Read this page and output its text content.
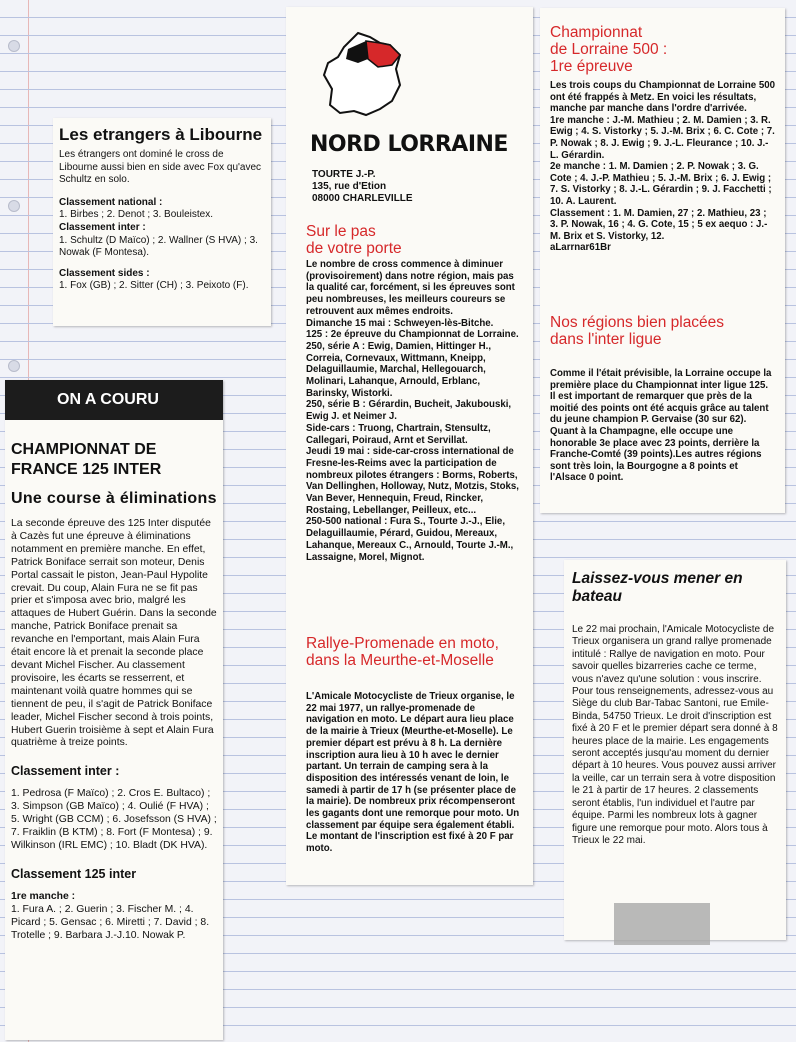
Les etrangers à Libourne

Les étrangers ont dominé le cross de Libourne aussi bien en side avec Fox qu'avec Schultz en solo.

Classement national :

1. Birbes ; 2. Denot ; 3. Bouleistex.

Classement inter :

1. Schultz (D Maïco) ; 2. Wallner (S HVA) ; 3. Nowak (F Montesa).

Classement sides :

1. Fox (GB) ; 2. Sitter (CH) ; 3. Peixoto (F).

ON A COURU

CHAMPIONNAT DE FRANCE 125 INTER

Une course à éliminations

La seconde épreuve des 125 Inter disputée à Cazès fut une épreuve à éliminations notamment en première manche. En effet, Patrick Boniface serrait son moteur, Denis Portal cassait le piston, Jean-Paul Hypolite crevait. Du coup, Alain Fura ne se fit pas prier et s'imposa avec brio, malgré les attaques de Hubert Guérin. Dans la seconde manche, Patrick Boniface prenait sa revanche en l'emportant, mais Alain Fura était encore là et prenait la seconde place devant Michel Fischer. Au classement provisoire, les écarts se resserrent, et maintenant voilà quatre hommes qui se tiennent de peu, il s'agit de Patrick Boniface leader, Michel Fischer second à trois points, Hubert Guerin troisième à sept et Alain Fura quatrième à treize points.

Classement inter :

1. Pedrosa (F Maïco) ; 2. Cros E. Bultaco) ; 3. Simpson (GB Maïco) ; 4. Oulié (F HVA) ; 5. Wright (GB CCM) ; 6. Josefsson (S HVA) ; 7. Fraiklin (B KTM) ; 8. Fort (F Montesa) ; 9. Wilkinson (IRL EMC) ; 10. Bladt (DK HVA).

Classement 125 inter

1re manche :

1. Fura A. ; 2. Guerin ; 3. Fischer M. ; 4. Picard ; 5. Gensac ; 6. Miretti ; 7. David ; 8. Trotelle ; 9. Barbara J.-J.10. Nowak P.

NORD LORRAINE

TOURTE J.-P.

135, rue d'Etion

08000 CHARLEVILLE

Sur le pas

de votre porte

Le nombre de cross commence à diminuer (provisoirement) dans notre région, mais pas la qualité car, forcément, si les épreuves sont peu nombreuses, les meilleurs coureurs se retrouvent aux mêmes endroits.
Dimanche 15 mai : Schweyen-lès-Bitche.
125 : 2e épreuve du Championnat de Lorraine.
250, série A : Ewig, Damien, Hittinger H., Correia, Cornevaux, Wittmann, Kneipp, Delaguillaumie, Marchal, Hellegouarch, Molinari, Lahanque, Arnould, Erblanc, Barinsky, Wistorki.
250, série B : Gérardin, Bucheit, Jakubouski, Ewig J. et Neimer J.
Side-cars : Truong, Chartrain, Stensultz, Callegari, Poiraud, Arnt et Servillat.
Jeudi 19 mai : side-car-cross international de Fresne-les-Reims avec la participation de nombreux pilotes étrangers : Borms, Roberts, Van Dellinghen, Holloway, Nutz, Motzis, Stoks, Van Bever, Hennequin, Freud, Rincker, Rostaing, Lebellanger, Peilleux, etc...
250-500 national : Fura S., Tourte J.-J., Elie, Delaguillaumie, Pérard, Guidou, Mereaux, Lahanque, Mereaux C., Arnould, Tourte J.-M., Lassaigne, Morel, Mignot.

Rallye-Promenade en moto, dans la Meurthe-et-Moselle

L'Amicale Motocycliste de Trieux organise, le 22 mai 1977, un rallye-promenade de navigation en moto. Le départ aura lieu place de la mairie à Trieux (Meurthe-et-Moselle). Le premier départ est prévu à 8 h. La dernière inscription aura lieu à 10 h avec le dernier partant. Un terrain de camping sera à la disposition des intéressés venant de loin, le samedi à partir de 17 h (se présenter place de la mairie). De nombreux prix récompenseront les gagants dont une remorque pour moto. Un classement par équipe sera également établi. Le montant de l'inscription est fixé à 20 F par moto.

Championnat

de Lorraine 500 :

1re épreuve

Les trois coups du Championnat de Lorraine 500 ont été frappés à Metz. En voici les résultats, manche par manche dans l'ordre d'arrivée.
1re manche : J.-M. Mathieu ; 2. M. Damien ; 3. R. Ewig ; 4. S. Vistorky ; 5. J.-M. Brix ; 6. C. Cote ; 7. P. Nowak ; 8. J. Ewig ; 9. J.-L. Fleurance ; 10. J.-L. Gérardin.
2e manche : 1. M. Damien ; 2. P. Nowak ; 3. G. Cote ; 4. J.-P. Mathieu ; 5. J.-M. Brix ; 6. J. Ewig ; 7. S. Vistorky ; 8. J.-L. Gérardin ; 9. J. Facchetti ; 10. A. Laurent.
Classement : 1. M. Damien, 27 ; 2. Mathieu, 23 ; 3. P. Nowak, 16 ; 4. G. Cote, 15 ; 5 ex aequo : J.-M. Brix et S. Vistorky, 12.
aLarrnar61Br

Nos régions bien placées dans l'inter ligue

Comme il l'était prévisible, la Lorraine occupe la première place du Championnat inter ligue 125. Il est important de remarquer que près de la moitié des points ont été acquis grâce au talent du jeune champion P. Gervaise (30 sur 62). Quant à la Champagne, elle occupe une honorable 3e place avec 23 points, derrière la Franche-Comté (39 points).Les autres régions sont très loin, la Bourgogne a 8 points et l'Alsace 0 point.

Laissez-vous mener en bateau

Le 22 mai prochain, l'Amicale Motocycliste de Trieux organisera un grand rallye promenade intitulé : Rallye de navigation en moto. Pour savoir quelles bizarreries cache ce terme, vous n'avez qu'une solution : vous inscrire. Pour tous renseignements, adressez-vous au Siège du club Bar-Tabac Santoni, rue Emile-Binda, 54750 Trieux. Le droit d'inscription est fixé à 20 F et le premier départ sera donné à 8 heures place de la mairie. Les engagements seront acceptés jusqu'au moment du dernier départ à 10 heures. Vous pouvez aussi arriver la veille, car un terrain sera à votre disposition le 21 à partir de 17 heures. 2 classements seront établis, l'un individuel et l'autre par équipe. Parmi les nombreux lots à gagner figure une remorque pour moto. Alors tous à Trieux le 22 mai.
